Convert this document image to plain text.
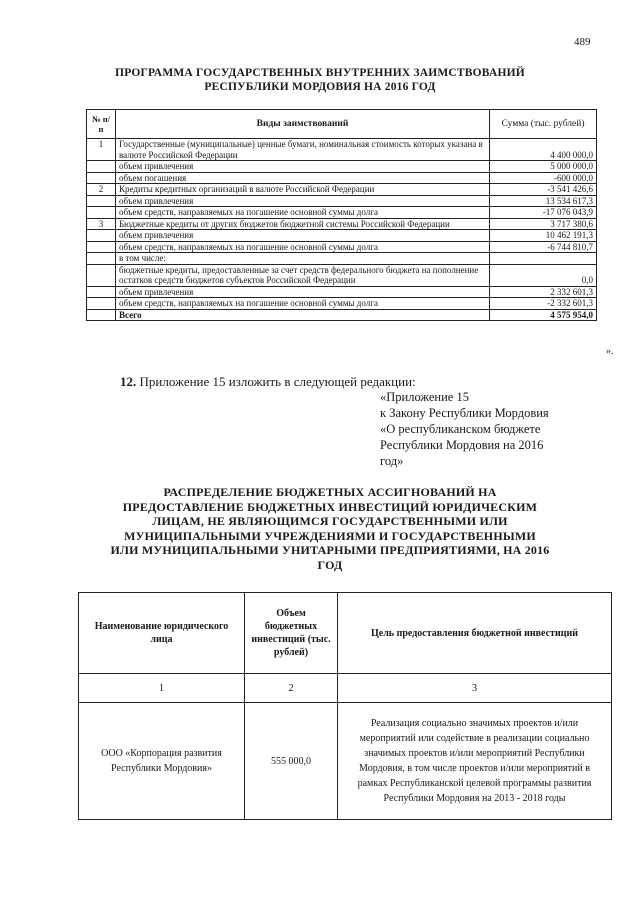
489
ПРОГРАММА ГОСУДАРСТВЕННЫХ ВНУТРЕННИХ ЗАИМСТВОВАНИЙ
РЕСПУБЛИКИ МОРДОВИЯ НА 2016 ГОД
№ п/п	Виды заимствований	Сумма (тыс. рублей)
1	Государственные (муниципальные) ценные бумаги, номинальная стоимость которых указана в валюте Российской Федерации	4 400 000,0
	объем привлечения	5 000 000,0
	объем погашения	-600 000,0
2	Кредиты кредитных организаций в валюте Российской Федерации	-3 541 426,6
	объем привлечения	13 534 617,3
	объем средств, направляемых на погашение основной суммы долга	-17 076 043,9
3	Бюджетные кредиты от других бюджетов бюджетной системы Российской Федерации	3 717 380,6
	объем привлечения	10 462 191,3
	объем средств, направляемых на погашение основной суммы долга	-6 744 810,7
	в том числе:	
	бюджетные кредиты, предоставленные за счет средств федерального бюджета на пополнение остатков средств бюджетов субъектов Российской Федерации	0,0
	объем привлечения	2 332 601,3
	объем средств, направляемых на погашение основной суммы долга	-2 332 601,3
	Всего	4 575 954,0
».
12. Приложение 15 изложить в следующей редакции:
«Приложение 15
к Закону Республики Мордовия
«О республиканском бюджете
Республики Мордовия на 2016
год»
РАСПРЕДЕЛЕНИЕ БЮДЖЕТНЫХ АССИГНОВАНИЙ НА
ПРЕДОСТАВЛЕНИЕ БЮДЖЕТНЫХ ИНВЕСТИЦИЙ ЮРИДИЧЕСКИМ
ЛИЦАМ, НЕ ЯВЛЯЮЩИМСЯ ГОСУДАРСТВЕННЫМИ ИЛИ
МУНИЦИПАЛЬНЫМИ УЧРЕЖДЕНИЯМИ И ГОСУДАРСТВЕННЫМИ
ИЛИ МУНИЦИПАЛЬНЫМИ УНИТАРНЫМИ ПРЕДПРИЯТИЯМИ, НА 2016
ГОД
Наименование юридического лица	Объем бюджетных инвестиций (тыс. рублей)	Цель предоставления бюджетной инвестиций
1	2	3
ООО «Корпорация развития Республики Мордовия»	555 000,0	Реализация социально значимых проектов и/или мероприятий или содействие в реализации социально значимых проектов и/или мероприятий Республики Мордовия, в том числе проектов и/или мероприятий в рамках Республиканской целевой программы развития Республики Мордовия на 2013 - 2018 годы
